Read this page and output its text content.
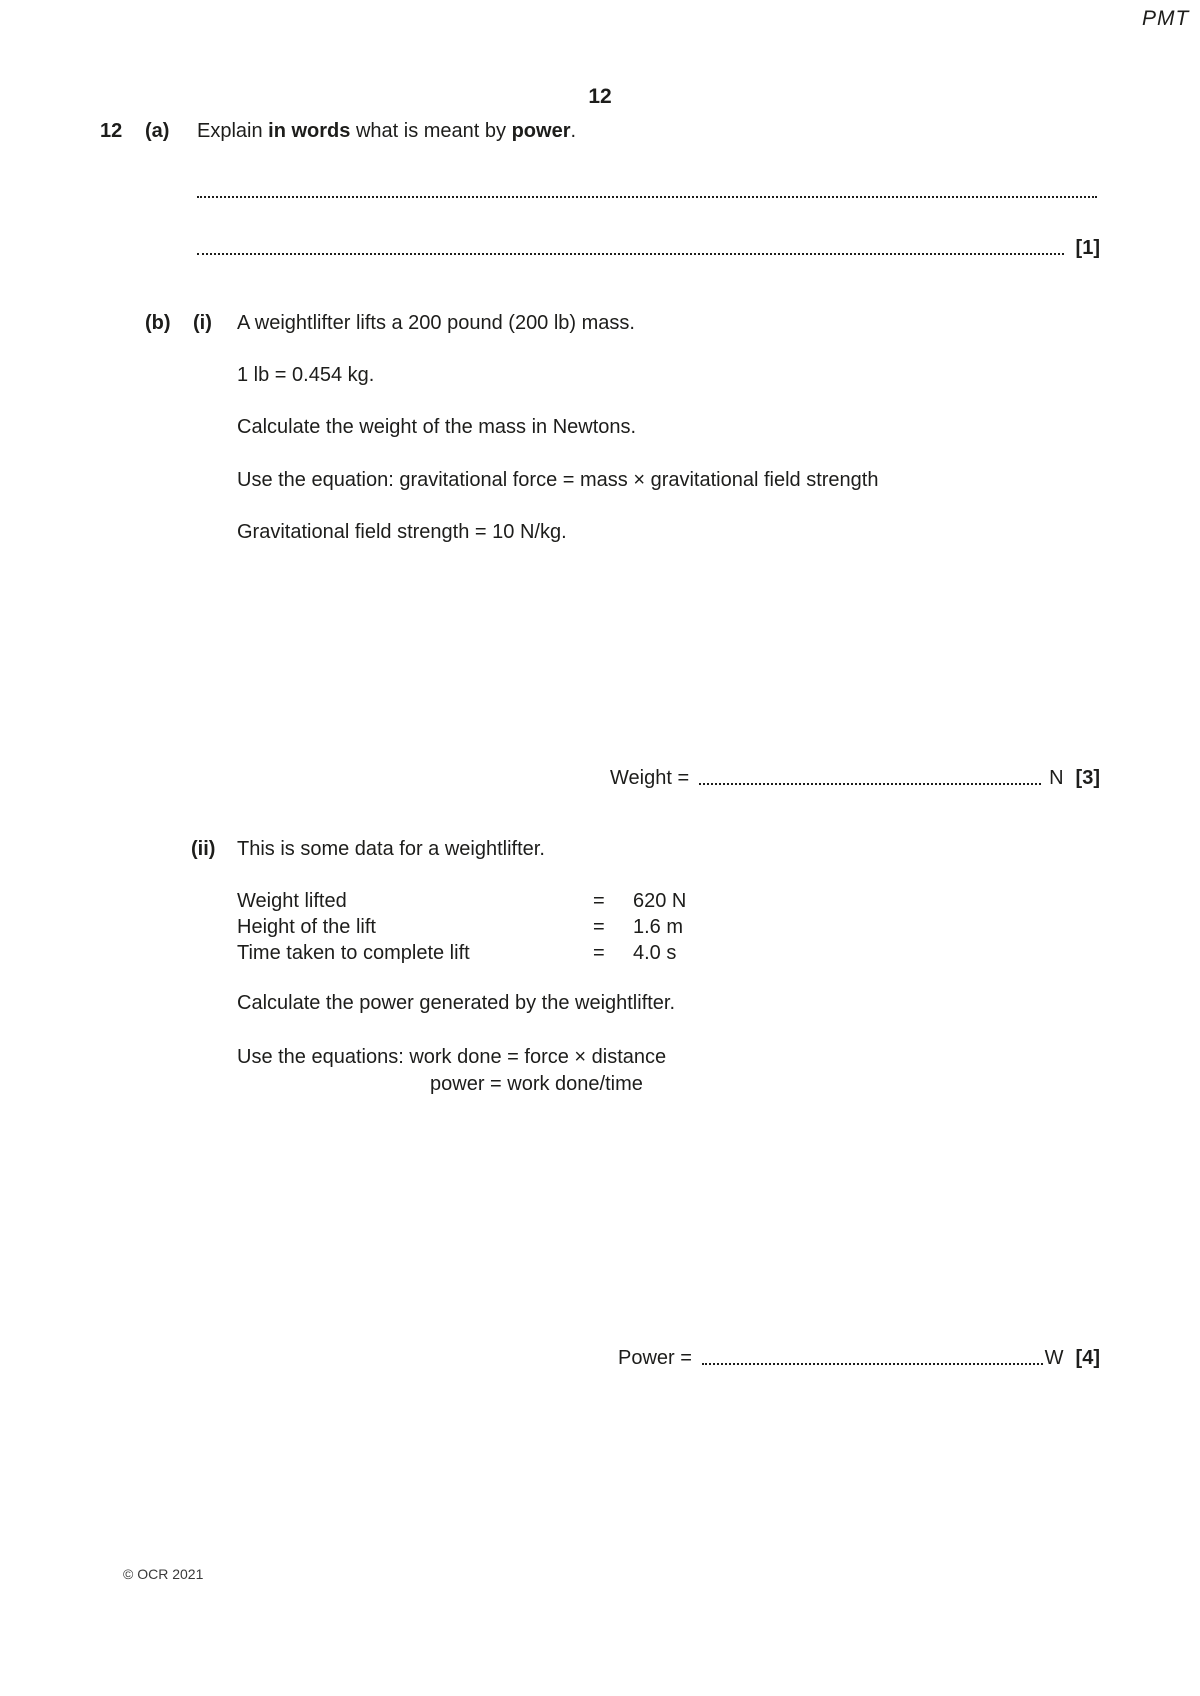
PMT
12
12 (a) Explain in words what is meant by power.
[1]
(b) (i) A weightlifter lifts a 200 pound (200 lb) mass.
1 lb = 0.454 kg.
Calculate the weight of the mass in Newtons.
Use the equation: gravitational force = mass × gravitational field strength
Gravitational field strength = 10 N/kg.
Weight =	N [3]
(ii) This is some data for a weightlifter.
Weight lifted	=	620 N
Height of the lift	=	1.6 m
Time taken to complete lift	=	4.0 s
Calculate the power generated by the weightlifter.
Use the equations: work done = force × distance
power = work done/time
Power =	W [4]
© OCR 2021
